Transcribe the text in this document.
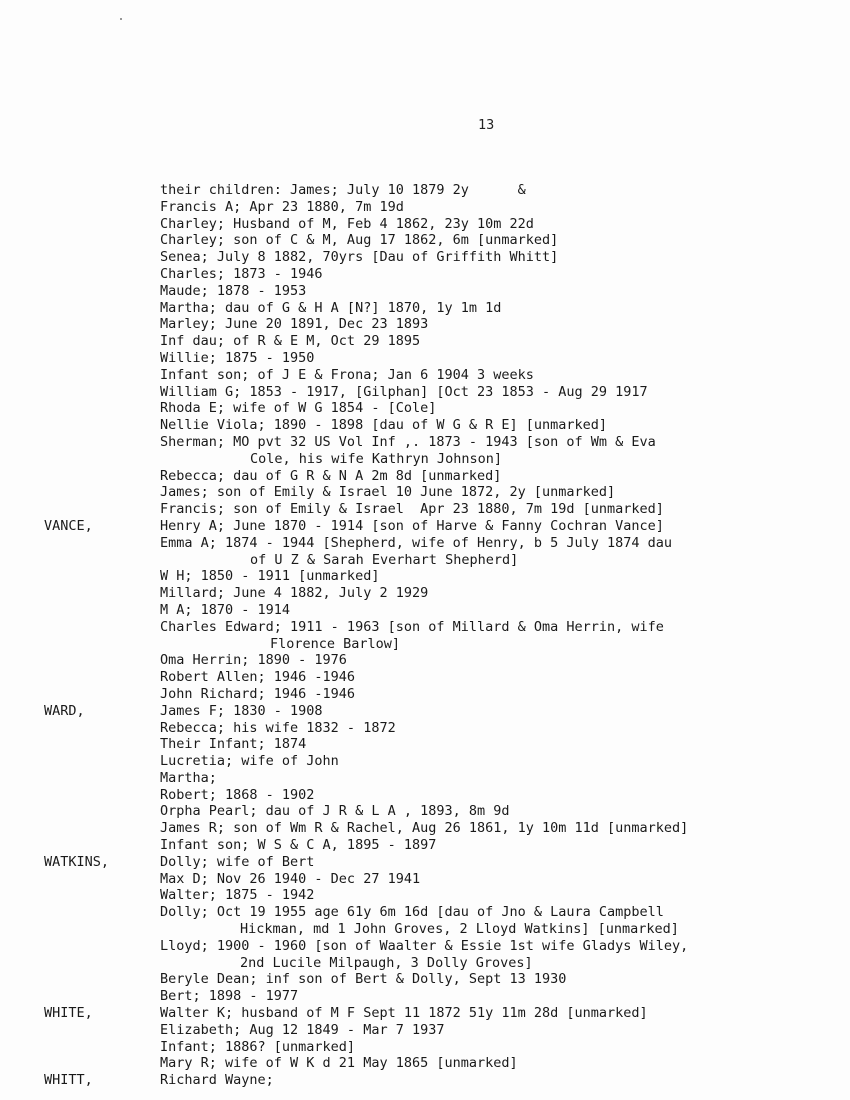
13
their children: James; July 10 1879 2y      &
Francis A; Apr 23 1880, 7m 19d
Charley; Husband of M, Feb 4 1862, 23y 10m 22d
Charley; son of C & M, Aug 17 1862, 6m [unmarked]
Senea; July 8 1882, 70yrs [Dau of Griffith Whitt]
Charles; 1873 - 1946
Maude; 1878 - 1953
Martha; dau of G & H A [N?] 1870, 1y 1m 1d
Marley; June 20 1891, Dec 23 1893
Inf dau; of R & E M, Oct 29 1895
Willie; 1875 - 1950
Infant son; of J E & Frona; Jan 6 1904 3 weeks
William G; 1853 - 1917, [Gilphan] [Oct 23 1853 - Aug 29 1917
Rhoda E; wife of W G 1854 - [Cole]
Nellie Viola; 1890 - 1898 [dau of W G & R E] [unmarked]
Sherman; MO pvt 32 US Vol Inf ,. 1873 - 1943 [son of Wm & Eva
Cole, his wife Kathryn Johnson]
Rebecca; dau of G R & N A 2m 8d [unmarked]
James; son of Emily & Israel 10 June 1872, 2y [unmarked]
Francis; son of Emily & Israel  Apr 23 1880, 7m 19d [unmarked]
VANCE,	Henry A; June 1870 - 1914 [son of Harve & Fanny Cochran Vance]
Emma A; 1874 - 1944 [Shepherd, wife of Henry, b 5 July 1874 dau
of U Z & Sarah Everhart Shepherd]
W H; 1850 - 1911 [unmarked]
Millard; June 4 1882, July 2 1929
M A; 1870 - 1914
Charles Edward; 1911 - 1963 [son of Millard & Oma Herrin, wife
Florence Barlow]
Oma Herrin; 1890 - 1976
Robert Allen; 1946 -1946
John Richard; 1946 -1946
WARD,	James F; 1830 - 1908
Rebecca; his wife 1832 - 1872
Their Infant; 1874
Lucretia; wife of John
Martha;
Robert; 1868 - 1902
Orpha Pearl; dau of J R & L A , 1893, 8m 9d
James R; son of Wm R & Rachel, Aug 26 1861, 1y 10m 11d [unmarked]
Infant son; W S & C A, 1895 - 1897
WATKINS,	Dolly; wife of Bert
Max D; Nov 26 1940 - Dec 27 1941
Walter; 1875 - 1942
Dolly; Oct 19 1955 age 61y 6m 16d [dau of Jno & Laura Campbell
Hickman, md 1 John Groves, 2 Lloyd Watkins] [unmarked]
Lloyd; 1900 - 1960 [son of Waalter & Essie 1st wife Gladys Wiley,
2nd Lucile Milpaugh, 3 Dolly Groves]
Beryle Dean; inf son of Bert & Dolly, Sept 13 1930
Bert; 1898 - 1977
WHITE,	Walter K; husband of M F Sept 11 1872 51y 11m 28d [unmarked]
Elizabeth; Aug 12 1849 - Mar 7 1937
Infant; 1886? [unmarked]
Mary R; wife of W K d 21 May 1865 [unmarked]
WHITT,	Richard Wayne;
